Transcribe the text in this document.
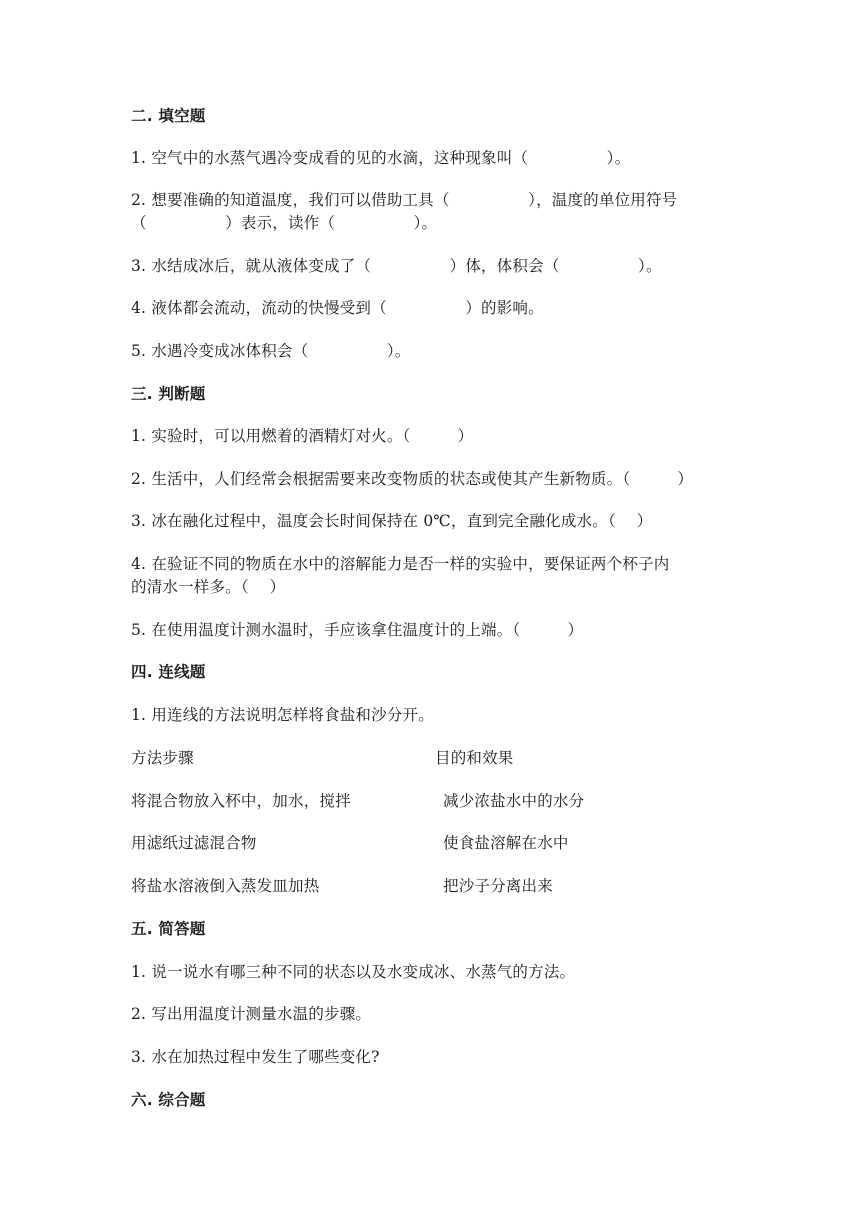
二. 填空题
1. 空气中的水蒸气遇冷变成看的见的水滴，这种现象叫（　　　　　）。
2. 想要准确的知道温度，我们可以借助工具（　　　　　），温度的单位用符号
（　　　　　）表示，读作（　　　　　）。
3. 水结成冰后，就从液体变成了（　　　　　）体，体积会（　　　　　）。
4. 液体都会流动，流动的快慢受到（　　　　　）的影响。
5. 水遇冷变成冰体积会（　　　　　）。
三. 判断题
1. 实验时，可以用燃着的酒精灯对火。（　　　）
2. 生活中，人们经常会根据需要来改变物质的状态或使其产生新物质。（　　　）
3. 冰在融化过程中，温度会长时间保持在 0℃，直到完全融化成水。（　 ）
4. 在验证不同的物质在水中的溶解能力是否一样的实验中，要保证两个杯子内
的清水一样多。（　 ）
5. 在使用温度计测水温时，手应该拿住温度计的上端。（　　　）
四. 连线题
1. 用连线的方法说明怎样将食盐和沙分开。
方法步骤	目的和效果
将混合物放入杯中，加水，搅拌	减少浓盐水中的水分
用滤纸过滤混合物	使食盐溶解在水中
将盐水溶液倒入蒸发皿加热	把沙子分离出来
五. 简答题
1. 说一说水有哪三种不同的状态以及水变成冰、水蒸气的方法。
2. 写出用温度计测量水温的步骤。
3. 水在加热过程中发生了哪些变化?
六. 综合题
